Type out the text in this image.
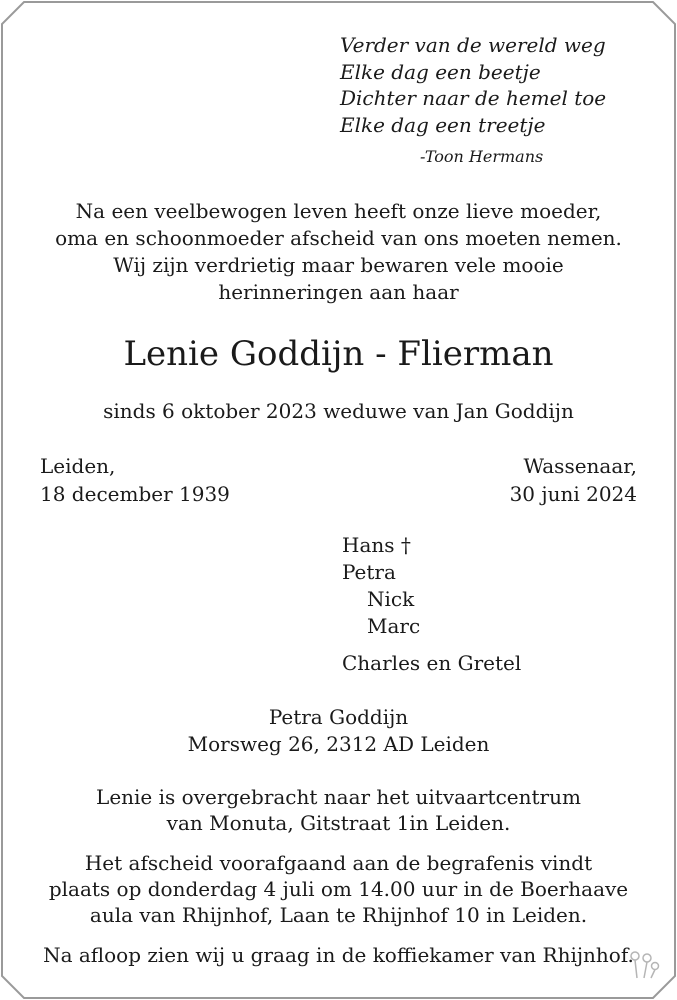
Verder van de wereld weg
Elke dag een beetje
Dichter naar de hemel toe
Elke dag een treetje
-Toon Hermans
Na een veelbewogen leven heeft onze lieve moeder,
oma en schoonmoeder afscheid van ons moeten nemen.
Wij zijn verdrietig maar bewaren vele mooie
herinneringen aan haar
Lenie Goddijn - Flierman
sinds 6 oktober 2023 weduwe van Jan Goddijn
Leiden,
18 december 1939
Wassenaar,
30 juni 2024
Hans †
Petra
Nick
Marc
Charles en Gretel
Petra Goddijn
Morsweg 26, 2312 AD Leiden
Lenie is overgebracht naar het uitvaartcentrum
van Monuta, Gitstraat 1in Leiden.
Het afscheid voorafgaand aan de begrafenis vindt
plaats op donderdag 4 juli om 14.00 uur in de Boerhaave
aula van Rhijnhof, Laan te Rhijnhof 10 in Leiden.
Na afloop zien wij u graag in de koffiekamer van Rhijnhof.
